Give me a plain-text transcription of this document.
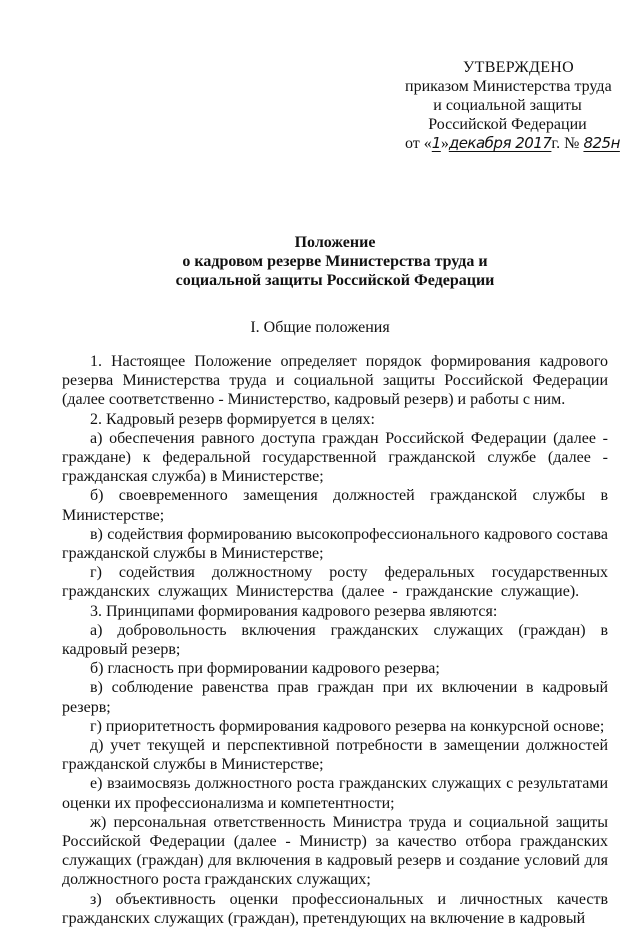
УТВЕРЖДЕНО
приказом Министерства труда
и социальной защиты
Российской Федерации
от «1»декабря 2017г. № 825н
Положение
о кадровом резерве Министерства труда и
социальной защиты Российской Федерации
I. Общие положения

1. Настоящее Положение определяет порядок формирования кадрового резерва Министерства труда и социальной защиты Российской Федерации (далее соответственно - Министерство, кадровый резерв) и работы с ним.

2. Кадровый резерв формируется в целях:

а) обеспечения равного доступа граждан Российской Федерации (далее - граждане) к федеральной государственной гражданской службе (далее - гражданская служба) в Министерстве;

б) своевременного замещения должностей гражданской службы в Министерстве;

в) содействия формированию высокопрофессионального кадрового состава гражданской службы в Министерстве;

г) содействия должностному росту федеральных государственных гражданских служащих Министерства (далее - гражданские служащие).

3. Принципами формирования кадрового резерва являются:

а) добровольность включения гражданских служащих (граждан) в кадровый резерв;

б) гласность при формировании кадрового резерва;

в) соблюдение равенства прав граждан при их включении в кадровый резерв;

г) приоритетность формирования кадрового резерва на конкурсной основе;

д) учет текущей и перспективной потребности в замещении должностей гражданской службы в Министерстве;

е) взаимосвязь должностного роста гражданских служащих с результатами оценки их профессионализма и компетентности;

ж) персональная ответственность Министра труда и социальной защиты Российской Федерации (далее - Министр) за качество отбора гражданских служащих (граждан) для включения в кадровый резерв и создание условий для должностного роста гражданских служащих;

з) объективность оценки профессиональных и личностных качеств гражданских служащих (граждан), претендующих на включение в кадровый
